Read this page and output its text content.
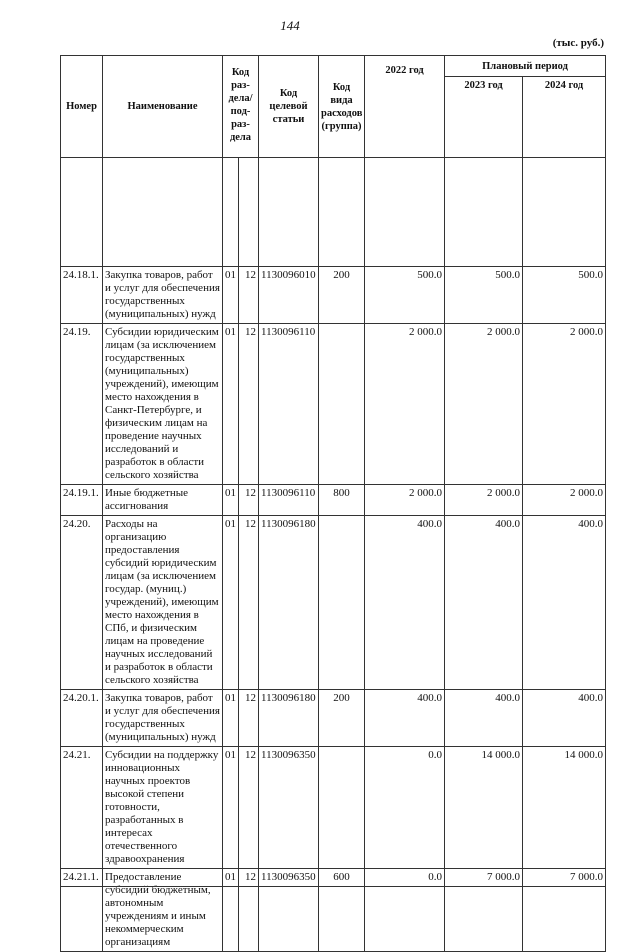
144
(тыс. руб.)
Номер	Наименование	Код раз-дела/ под-раз-дела		Код целевой статьи	Код вида расходов (группа)	2022 год	Плановый период	
							2023 год	2024 год

24.18.1.	Закупка товаров, работ и услуг для обеспечения государственных (муниципальных) нужд	01	12	1130096010	200	500.0	500.0	500.0
24.19.	Субсидии юридическим лицам (за исключением государственных (муниципальных) учреждений), имеющим место нахождения в Санкт-Петербурге, и физическим лицам на проведение научных исследований и разработок в области сельского хозяйства	01	12	1130096110		2 000.0	2 000.0	2 000.0
24.19.1.	Иные бюджетные ассигнования	01	12	1130096110	800	2 000.0	2 000.0	2 000.0
24.20.	Расходы на организацию предоставления субсидий юридическим лицам (за исключением государ. (муниц.) учреждений), имеющим место нахождения в СПб, и физическим лицам на проведение научных исследований и разработок в области сельского хозяйства	01	12	1130096180		400.0	400.0	400.0
24.20.1.	Закупка товаров, работ и услуг для обеспечения государственных (муниципальных) нужд	01	12	1130096180	200	400.0	400.0	400.0
24.21.	Субсидии на поддержку инновационных научных проектов высокой степени готовности, разработанных в интересах отечественного здравоохранения	01	12	1130096350		0.0	14 000.0	14 000.0
24.21.1.	Предоставление субсидий бюджетным, автономным учреждениям и иным некоммерческим организациям	01	12	1130096350	600	0.0	7 000.0	7 000.0
